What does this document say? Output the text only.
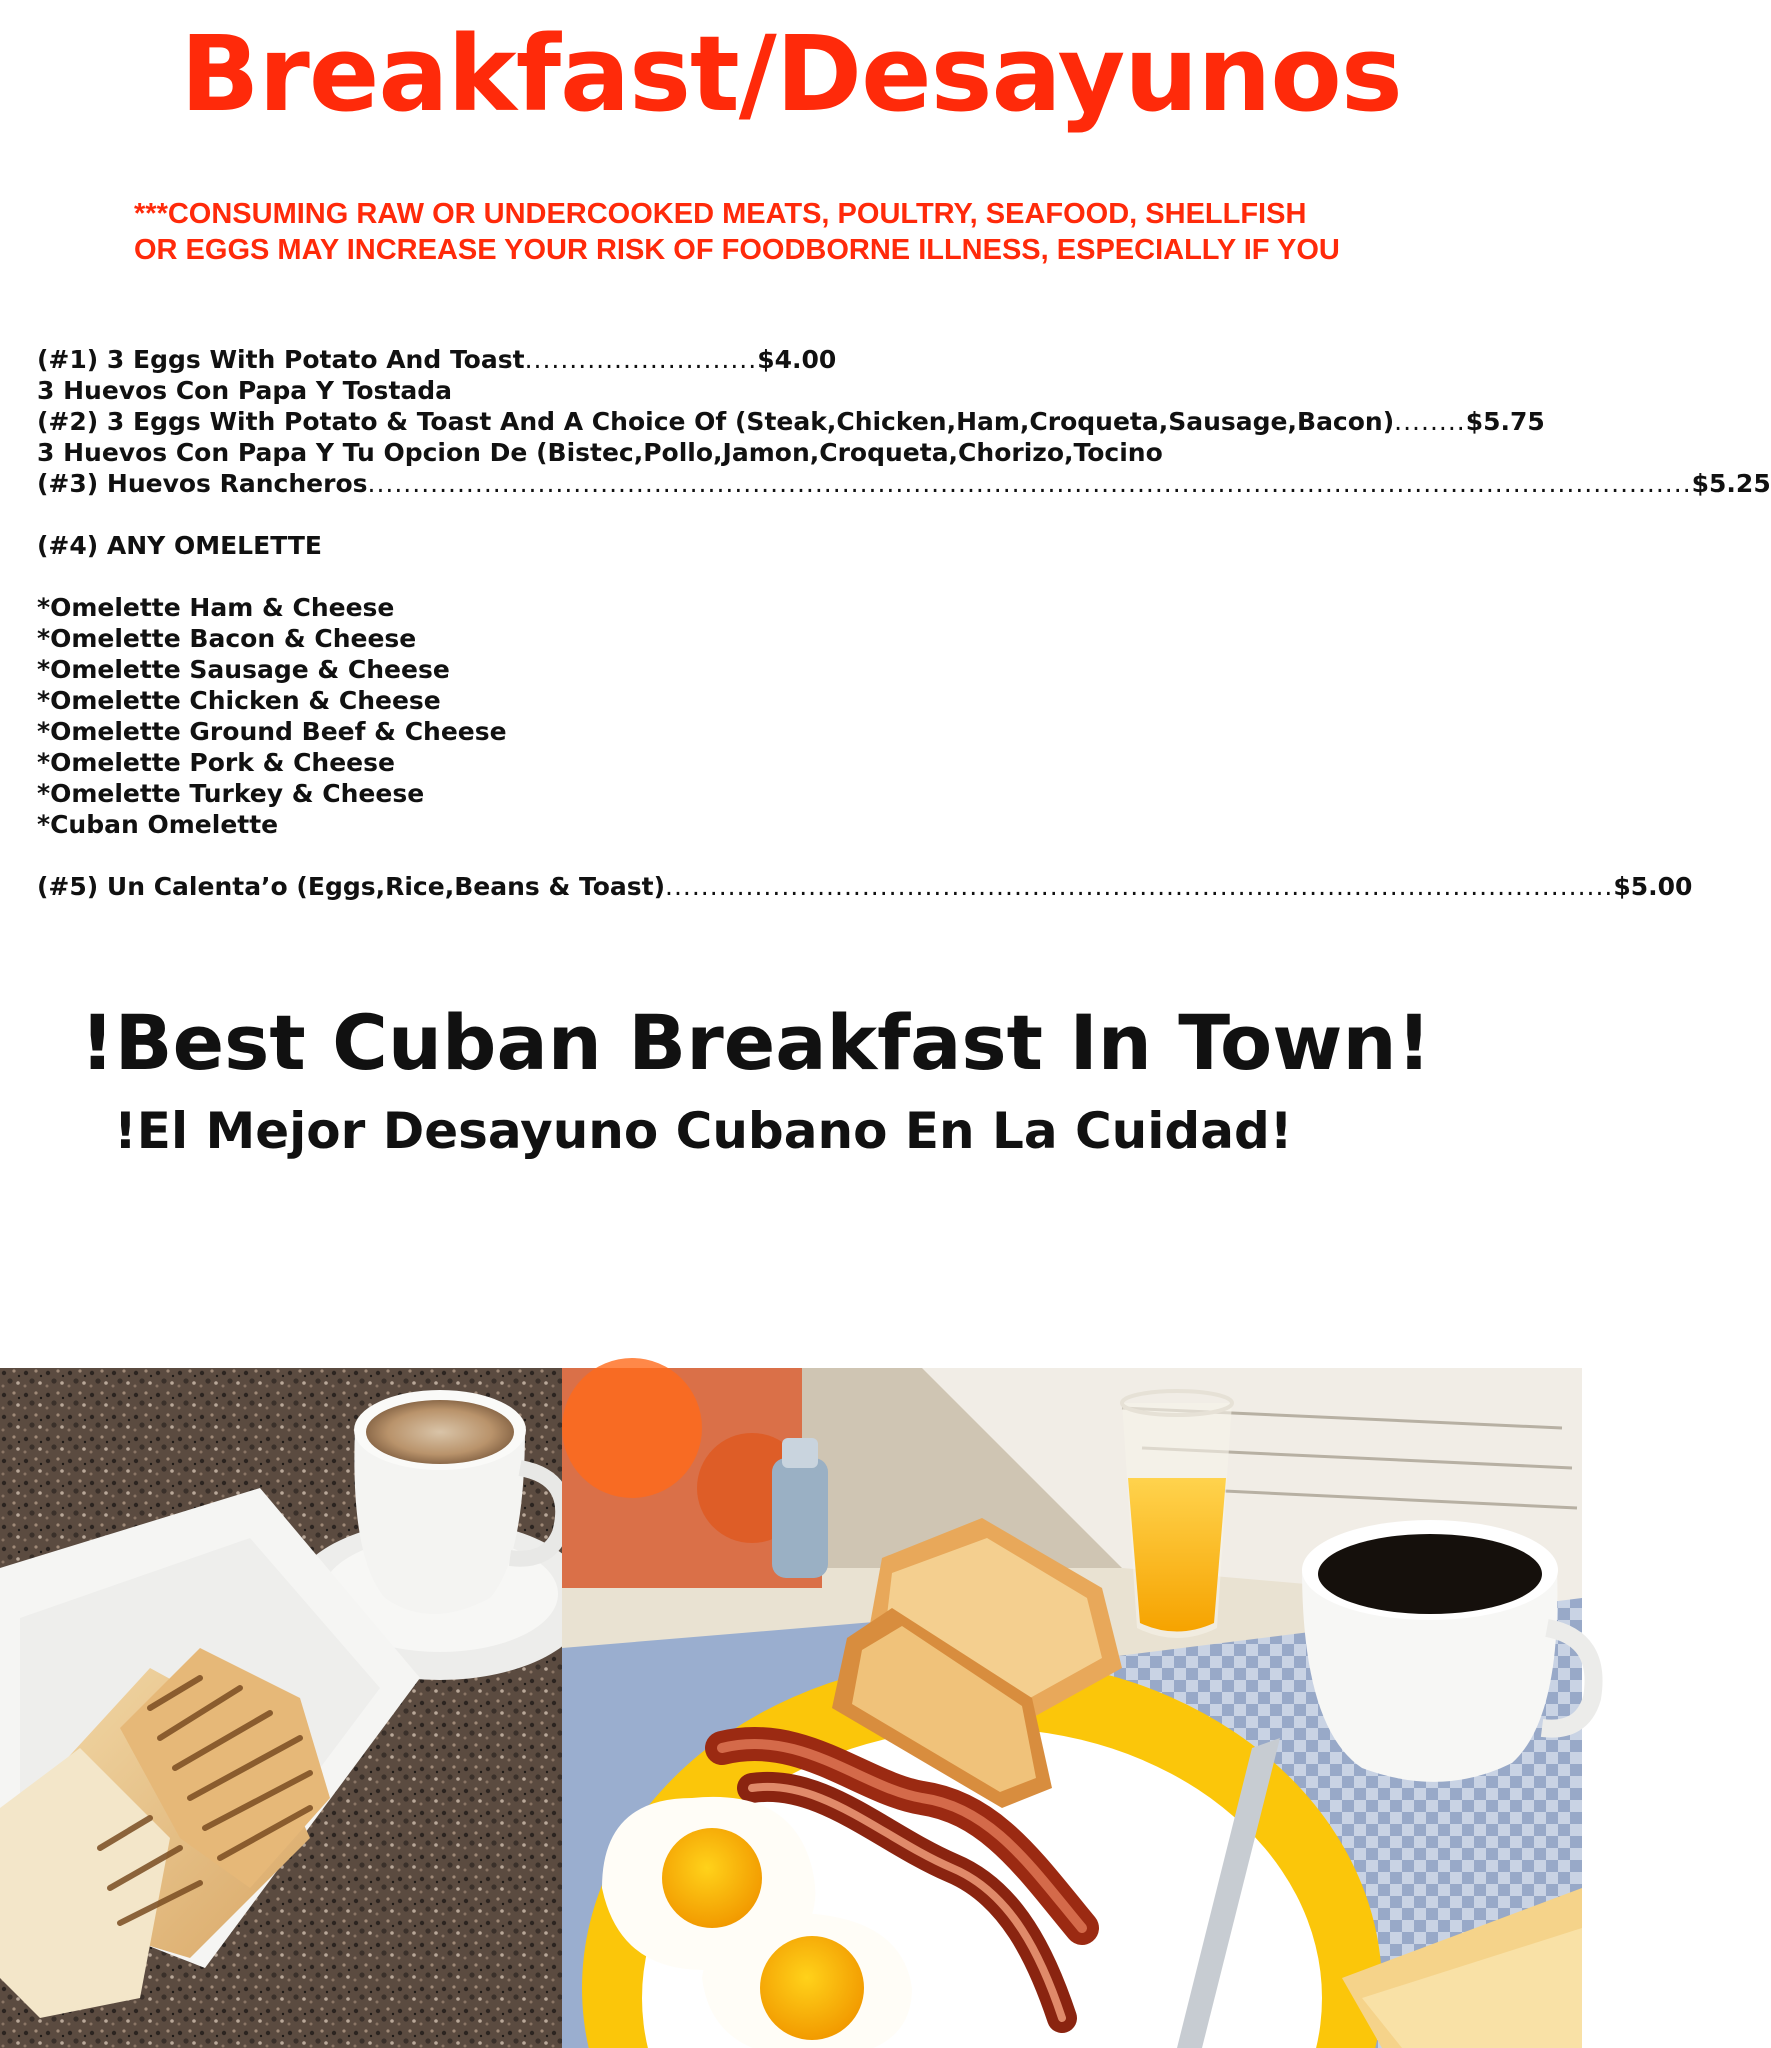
Breakfast/Desayunos
***CONSUMING RAW OR UNDERCOOKED MEATS, POULTRY, SEAFOOD, SHELLFISH
OR EGGS MAY INCREASE YOUR RISK OF FOODBORNE ILLNESS, ESPECIALLY IF YOU
(#1) 3 Eggs With Potato And Toast .......................... $4.00
3 Huevos Con Papa Y Tostada
(#2) 3 Eggs With Potato & Toast And A Choice Of (Steak,Chicken,Ham,Croqueta,Sausage,Bacon) ........ $5.75
3 Huevos Con Papa Y Tu Opcion De (Bistec,Pollo,Jamon,Croqueta,Chorizo,Tocino
(#3) Huevos Rancheros .................................................................................................................................................... $5.25
(#4) ANY OMELETTE
*Omelette Ham & Cheese
*Omelette Bacon & Cheese
*Omelette Sausage & Cheese
*Omelette Chicken & Cheese
*Omelette Ground Beef & Cheese
*Omelette Pork & Cheese
*Omelette Turkey & Cheese
*Cuban Omelette
(#5) Un Calenta’o (Eggs,Rice,Beans & Toast) .......................................................................................................... $5.00
!Best Cuban Breakfast In Town!
!El Mejor Desayuno Cubano En La Cuidad!
